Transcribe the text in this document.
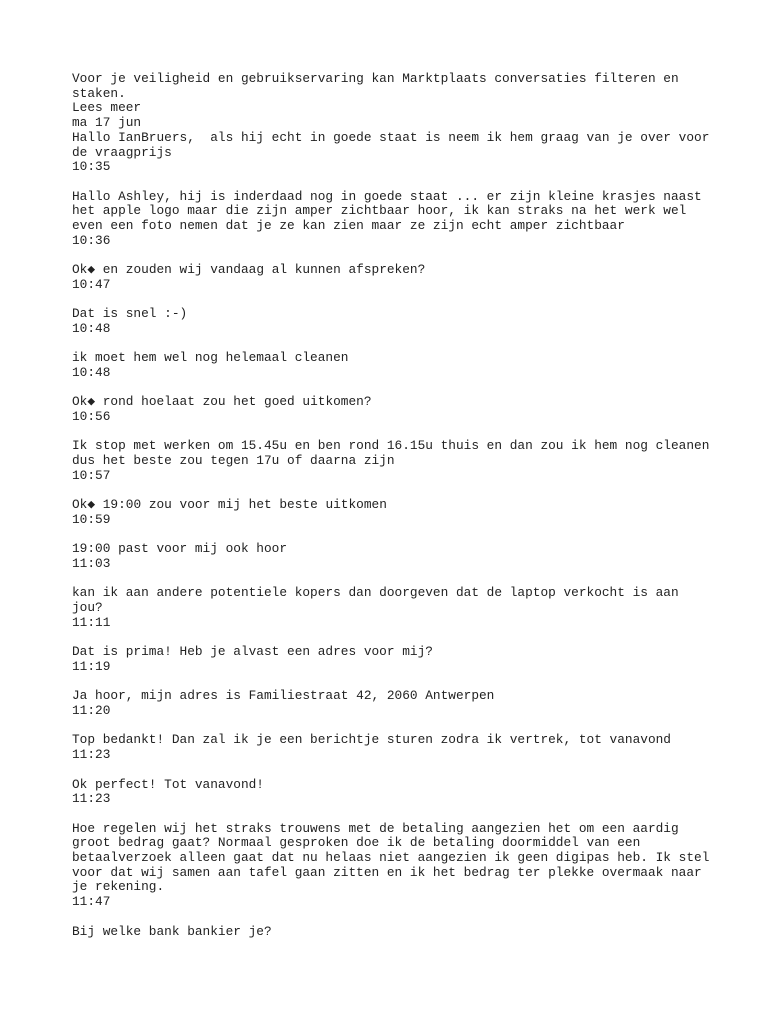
Voor je veiligheid en gebruikservaring kan Marktplaats conversaties filteren en
staken.
Lees meer
ma 17 jun
Hallo IanBruers,  als hij echt in goede staat is neem ik hem graag van je over voor
de vraagprijs
10:35
Hallo Ashley, hij is inderdaad nog in goede staat ... er zijn kleine krasjes naast
het apple logo maar die zijn amper zichtbaar hoor, ik kan straks na het werk wel
even een foto nemen dat je ze kan zien maar ze zijn echt amper zichtbaar
10:36
Ok◆ en zouden wij vandaag al kunnen afspreken?
10:47
Dat is snel :-)
10:48
ik moet hem wel nog helemaal cleanen
10:48
Ok◆ rond hoelaat zou het goed uitkomen?
10:56
Ik stop met werken om 15.45u en ben rond 16.15u thuis en dan zou ik hem nog cleanen
dus het beste zou tegen 17u of daarna zijn
10:57
Ok◆ 19:00 zou voor mij het beste uitkomen
10:59
19:00 past voor mij ook hoor
11:03
kan ik aan andere potentiele kopers dan doorgeven dat de laptop verkocht is aan
jou?
11:11
Dat is prima! Heb je alvast een adres voor mij?
11:19
Ja hoor, mijn adres is Familiestraat 42, 2060 Antwerpen
11:20
Top bedankt! Dan zal ik je een berichtje sturen zodra ik vertrek, tot vanavond
11:23
Ok perfect! Tot vanavond!
11:23
Hoe regelen wij het straks trouwens met de betaling aangezien het om een aardig
groot bedrag gaat? Normaal gesproken doe ik de betaling doormiddel van een
betaalverzoek alleen gaat dat nu helaas niet aangezien ik geen digipas heb. Ik stel
voor dat wij samen aan tafel gaan zitten en ik het bedrag ter plekke overmaak naar
je rekening.
11:47
Bij welke bank bankier je?
